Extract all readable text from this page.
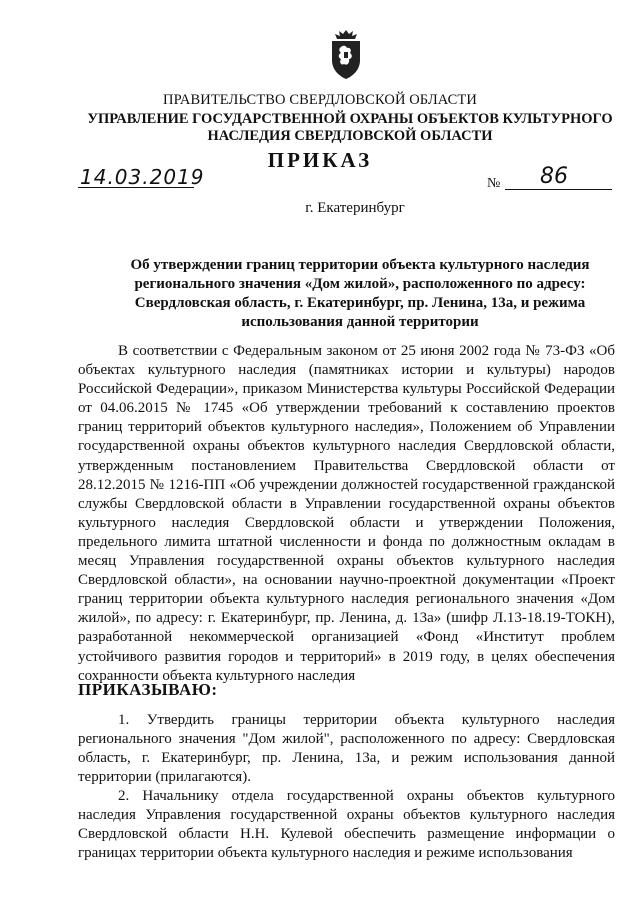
ПРАВИТЕЛЬСТВО СВЕРДЛОВСКОЙ ОБЛАСТИ
УПРАВЛЕНИЕ ГОСУДАРСТВЕННОЙ ОХРАНЫ ОБЪЕКТОВ КУЛЬТУРНОГО НАСЛЕДИЯ СВЕРДЛОВСКОЙ ОБЛАСТИ
ПРИКАЗ
14.03.2019	№ 86
г. Екатеринбург
Об утверждении границ территории объекта культурного наследия регионального значения «Дом жилой», расположенного по адресу: Свердловская область, г. Екатеринбург, пр. Ленина, 13а, и режима использования данной территории
В соответствии с Федеральным законом от 25 июня 2002 года № 73-ФЗ «Об объектах культурного наследия (памятниках истории и культуры) народов Российской Федерации», приказом Министерства культуры Российской Федерации от 04.06.2015 № 1745 «Об утверждении требований к составлению проектов границ территорий объектов культурного наследия», Положением об Управлении государственной охраны объектов культурного наследия Свердловской области, утвержденным постановлением Правительства Свердловской области от 28.12.2015 № 1216-ПП «Об учреждении должностей государственной гражданской службы Свердловской области в Управлении государственной охраны объектов культурного наследия Свердловской области и утверждении Положения, предельного лимита штатной численности и фонда по должностным окладам в месяц Управления государственной охраны объектов культурного наследия Свердловской области», на основании научно-проектной документации «Проект границ территории объекта культурного наследия регионального значения «Дом жилой», по адресу: г. Екатеринбург, пр. Ленина, д. 13а» (шифр Л.13-18.19-ТОКН), разработанной некоммерческой организацией «Фонд «Институт проблем устойчивого развития городов и территорий» в 2019 году, в целях обеспечения сохранности объекта культурного наследия
ПРИКАЗЫВАЮ:
1. Утвердить границы территории объекта культурного наследия регионального значения "Дом жилой", расположенного по адресу: Свердловская область, г. Екатеринбург, пр. Ленина, 13а, и режим использования данной территории (прилагаются).
2. Начальнику отдела государственной охраны объектов культурного наследия Управления государственной охраны объектов культурного наследия Свердловской области Н.Н. Кулевой обеспечить размещение информации о границах территории объекта культурного наследия и режиме использования
